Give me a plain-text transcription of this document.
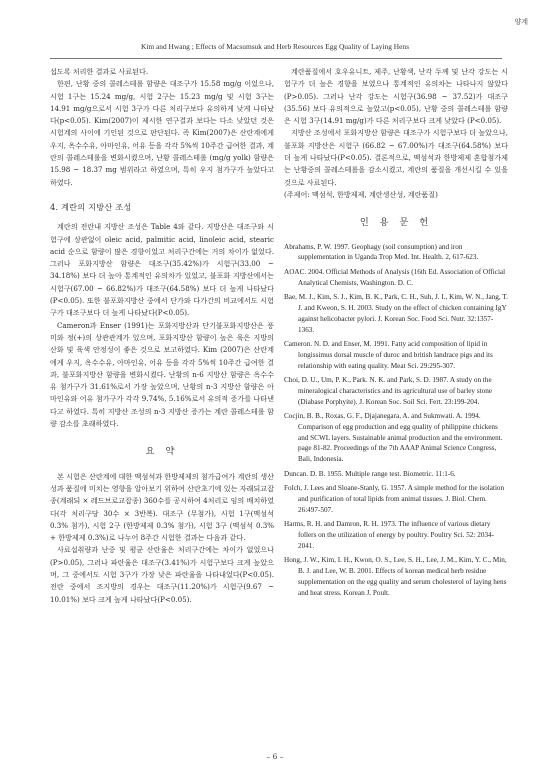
양계
Kim and Hwang ; Effects of Macsumsuk and Herb Resources Egg Quality of Laying Hens

섭도록 처리한 결과로 사료된다.

한편, 난황 중의 콜레스테롤 함량은 대조구가 15.58 mg/g 이었으나, 시험 1구는 15.24 mg/g, 시험 2구는 15.23 mg/g 및 시험 3구는 14.91 mg/g으로서 시험 3구가 다른 처리구보다 유의하게 낮게 나타났다(p<0.05). Kim(2007)이 제시한 연구결과 보다는 다소 낮았던 것은 시험계의 사이에 기인된 것으로 판단된다. 즉 Kim(2007)은 산란계에게 우지, 옥수수유, 아마인유, 어유 등을 각각 5%씩 10주간 급여한 결과, 계란의 콜레스테롤을 변화시켰으며, 난황 콜레스테롤 (mg/g yolk) 함량은 15.98 ~ 18.37 mg 범위라고 하였으며, 특히 우지 첨가구가 높았다고 하였다.

4. 계란의 지방산 조성

계란의 전란내 지방산 조성은 Table 4와 같다. 지방산은 대조구와 시험구에 상관없이 oleic acid, palmitic acid, linoleic acid, stearic acid 순으로 함량이 많은 경향이었고 처리구간에는 거의 차이가 없었다. 그러나 포화지방산 함량은 대조구(35.42%)가 시험구(33.00 ~ 34.18%) 보다 더 높아 통계적인 유의차가 있었고, 불포화 지방산에서는 시험구(67.00 ~ 66.82%)가 대조구(64.58%) 보다 더 높게 나타났다(P<0.05). 또한 불포화지방산 중에서 단가와 다가간의 비교에서도 시험구가 대조구보다 더 높게 나타났다(P<0.05).

Cameron과 Enser (1991)는 포화지방산과 단기불포화지방산은 풍미와 정(+)의 상관관계가 있으며, 포화지방산 함량이 높은 육은 지방의 산화 및 육색 안정성이 좋은 것으로 보고하였다. Kim (2007)은 산란계에게 우지, 옥수수유, 아마인유, 어유 등을 각각 5%씩 10주간 급여한 결과, 불포화지방산 함량을 변화시켰다. 난황의 n-6 지방산 함량은 옥수수유 첨가구가 31.61%로서 가장 높았으며, 난황의 n-3 지방산 함량은 아마인유와 어유 첨가구가 각각 9.74%, 5.16%로서 유의적 증가를 나타낸다고 하였다. 특히 지방산 조성의 n-3 지방산 증가는 계란 콜레스테롤 함량 감소를 초래하였다.

요 약

본 시험은 산란계에 대한 맥섬석과 한방제제의 첨가급여가 계란의 생산성과 품질에 미치는 영향을 알아보기 위하여 산란초기에 있는 자래되교잡종(계래되 × 레드브로교잡종) 360수를 공시하여 4처리로 임의 배치하였다(각 처리구당 30수 × 3반복). 대조구 (무첨가), 시험 1구(맥섬석 0.3% 첨가), 시험 2구 (한방제제 0.3% 첨가), 시험 3구 (맥섬석 0.3% + 한방제제 0.3%)로 나누어 8주간 시험한 결과는 다음과 같다.

사료섭취량과 난중 및 평균 산란율은 처리구간에는 차이가 없었으나 (P>0.05), 그러나 파란율은 대조구(3.41%)가 시험구보다 크게 높았으며, 그 중에서도 시험 3구가 가장 낮은 파란율을 나타내었다(P<0.05). 전란 중에서 조지방의 경우는 대조구(11.20%)가 시험구(9.67 ~ 10.01%) 보다 크게 높게 나타났다(P<0.05).

계란품질에서 호우유니트, 제주, 난황색, 난각 두께 및 난각 강도는 시험구가 더 높은 경향을 보였으나 통계적인 유의차는 나타나지 않았다(P>0.05). 그러나 난각 강도는 시험구(36.98 ~ 37.52)가 대조구(35.56) 보다 유의적으로 높았고(p<0.05), 난황 중의 콜레스테롤 함량은 시험 3구(14.91 mg/g)가 다른 처리구보다 크게 낮았다 (P<0.05).

지방산 조성에서 포화지방산 함량은 대조구가 시험구보다 더 높았으나, 불포화 지방산은 시험구 (66.82 ~ 67.00%)가 대조구(64.58%) 보다 더 높게 나타났다(P<0.05). 결론적으로, 맥섬석과 한방제제 혼합첨가제는 난황중의 콜레스테롤을 감소시켰고, 계란의 품질을 개선시킬 수 있을 것으로 사료된다.

(주제어: 맥섬석, 한방제제, 계란생산성, 계란품질)

인 용 문 헌

Abrahams, P. W. 1997. Geophagy (soil consumption) and iron supplementation in Uganda Trop Med. Int. Health. 2, 617-623.

AOAC. 2004. Official Methods of Analysis (16th Ed. Association of Official Analytical Chemists, Washington. D. C.

Bae, M. J., Kim, S. J., Kim, B. K., Park, C. H., Suh, J. I., Kim, W. N., Jang, T. J. and Kweon, S. H. 2003. Study on the effect of chicken containing IgY against helicobacter pylori. J. Korean Soc. Food Sci. Nutr. 32:1357-1363.

Cameron. N. D. and Enser, M. 1991. Fatty acid composition of lipid in longissimus dorsal muscle of duroc and british landrace pigs and its relationship with eating quality. Meat Sci. 29:295-307.

Choi, D. U., Um, P. K., Park. N. K. and Park, S. D. 1987. A study on the mineralogical characteristics and its agricultural use of barley stone (Diabase Porphyite). J. Korean Soc. Soil Sci. Fert. 23:199-204.

Cocjin, B. B., Roxas, G. F., Djajanegara, A. and Sukmwati. A. 1994. Comparison of egg production and egg quality of philippine chickens and SCWL layers. Sustainable animal production and the environment. page 81-82. Proceedings of the 7th AAAP Animal Science Congress, Bali, Indonesia.

Duncan. D. B. 1955. Multiple range test. Biometric. 11:1-6.

Folch, J. Lees and Sloane-Stanly, G. 1957. A simple method for the isolation and purification of total lipids from animal tissues. J. Biol. Chem. 26:497-507.

Harms, R. H. and Damron, R. H. 1973. The influence of various dietary follers on the utilization of energy by poultry. Poultry Sci. 52: 2034-2041.

Hong, J. W., Kim, I. H., Kwon, O. S., Lee, S. H., Lee, J. M., Kim, Y. C., Min, B. J. and Lee, W. B. 2001. Effects of korean medical herb residue supplementation on the egg quality and serum cholesterol of laying hens and heat stress. Korean J. Poult.

– 6 –
